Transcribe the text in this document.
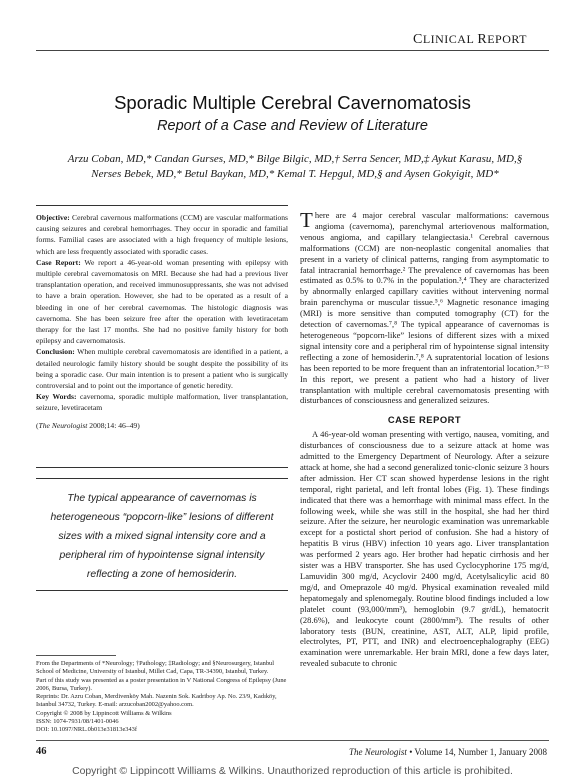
CLINICAL REPORT
Sporadic Multiple Cerebral Cavernomatosis
Report of a Case and Review of Literature
Arzu Coban, MD,* Candan Gurses, MD,* Bilge Bilgic, MD,† Serra Sencer, MD,‡ Aykut Karasu, MD,§
Nerses Bebek, MD,* Betul Baykan, MD,* Kemal T. Hepgul, MD,§ and Aysen Gokyigit, MD*

Objective: Cerebral cavernous malformations (CCM) are vascular malformations causing seizures and cerebral hemorrhages. They occur in sporadic and familial forms. Familial cases are associated with a high frequency of multiple lesions, which are less frequently associated with sporadic cases.

Case Report: We report a 46-year-old woman presenting with epilepsy with multiple cerebral cavernomatosis on MRI. Because she had had a previous liver transplantation operation, and received immunosuppressants, she was not advised to have a brain operation. However, she had to be operated as a result of a bleeding in one of her cerebral cavernomas. The histologic diagnosis was cavernoma. She has been seizure free after the operation with levetiracetam therapy for the last 17 months. She had no positive family history for both epilepsy and cavernomatosis.

Conclusion: When multiple cerebral cavernomatosis are identified in a patient, a detailed neurologic family history should be sought despite the possibility of its being a sporadic case. Our main intention is to present a patient who is surgically controversial and to point out the importance of genetic heredity.

Key Words: cavernoma, sporadic multiple malformation, liver transplantation, seizure, levetiracetam

(The Neurologist 2008;14: 46–49)

The typical appearance of cavernomas is heterogeneous “popcorn-like” lesions of different sizes with a mixed signal intensity core and a peripheral rim of hypointense signal intensity reflecting a zone of hemosiderin.

From the Departments of *Neurology; †Pathology; ‡Radiology; and §Neurosurgery, Istanbul School of Medicine, University of Istanbul, Millet Cad, Capa, TR-34390, Istanbul, Turkey.

Part of this study was presented as a poster presentation in V National Congress of Epilepsy (June 2006, Bursa, Turkey).

Reprints: Dr. Azru Coban, Merdivenköy Mah. Nazenin Sok. Kadriboy Ap. No. 23/9, Kadıköy, Istanbul 34732, Turkey. E-mail: arzucoban2002@yahoo.com.

Copyright © 2008 by Lippincott Williams & Wilkins

ISSN: 1074-7931/08/1401-0046

DOI: 10.1097/NRL.0b013e31813e343f

There are 4 major cerebral vascular malformations: cavernous angioma (cavernoma), parenchymal arteriovenous malformation, venous angioma, and capillary telangiectasia.¹ Cerebral cavernous malformations (CCM) are non-neoplastic congenital anomalies that present in a variety of clinical patterns, ranging from asymptomatic to fatal intracranial hemorrhage.² The prevalence of cavernomas has been estimated as 0.5% to 0.7% in the population.³,⁴ They are characterized by abnormally enlarged capillary cavities without intervening normal brain parenchyma or muscular tissue.⁵,⁶ Magnetic resonance imaging (MRI) is more sensitive than computed tomography (CT) for the detection of cavernomas.⁷,⁸ The typical appearance of cavernomas is heterogeneous “popcorn-like” lesions of different sizes with a mixed signal intensity core and a peripheral rim of hypointense signal intensity reflecting a zone of hemosiderin.⁷,⁸ A supratentorial location of lesions has been reported to be more frequent than an infratentorial location.⁹⁻¹³ In this report, we present a patient who had a history of liver transplantation with multiple cerebral cavernomatosis presenting with disturbances of consciousness and generalized seizures.

CASE REPORT

A 46-year-old woman presenting with vertigo, nausea, vomiting, and disturbances of consciousness due to a seizure attack at home was admitted to the Emergency Department of Neurology. After a seizure attack at home, she had a second generalized tonic-clonic seizure 3 hours after admission. Her CT scan showed hyperdense lesions in the right temporal, right parietal, and left frontal lobes (Fig. 1). These findings indicated that there was a hemorrhage with minimal mass effect. In the following week, while she was still in the hospital, she had her third seizure. After the seizure, her neurologic examination was unremarkable except for a postictal short period of confusion. She had a history of hepatitis B virus (HBV) infection 10 years ago. Liver transplantation was performed 2 years ago. Her brother had hepatic cirrhosis and her sister was a HBV transporter. She has used Cyclocyphorine 175 mg/d, Lamuvidin 300 mg/d, Acyclovir 2400 mg/d, Acetylsalicylic acid 80 mg/d, and Omeprazole 40 mg/d. Physical examination revealed mild hepatomegaly and splenomegaly. Routine blood findings included a low platelet count (93,000/mm³), hemoglobin (9.7 gr/dL), hematocrit (28.6%), and leukocyte count (2800/mm³). The results of other laboratory tests (BUN, creatinine, AST, ALT, ALP, lipid profile, electrolytes, PT, PTT, and INR) and electroencephalography (EEG) examination were unremarkable. Her brain MRI, done a few days later, revealed subacute to chronic

46	The Neurologist • Volume 14, Number 1, January 2008
Copyright © Lippincott Williams & Wilkins. Unauthorized reproduction of this article is prohibited.
